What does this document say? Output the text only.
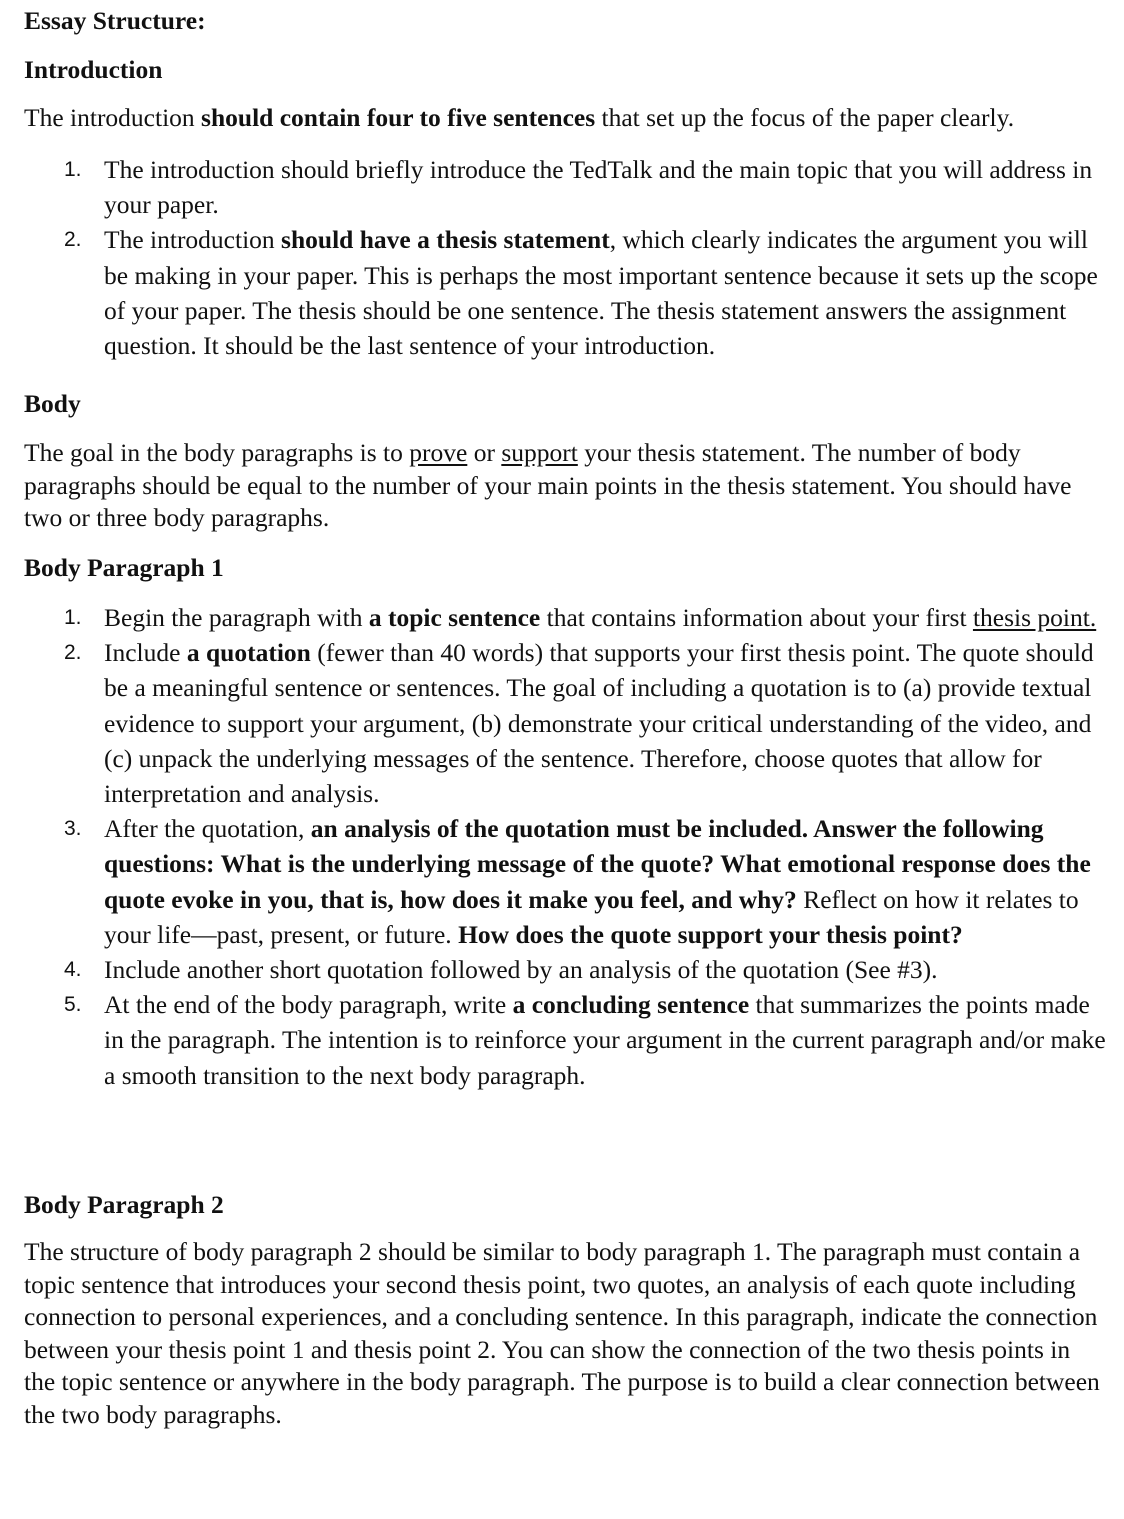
Essay Structure:

Introduction

The introduction should contain four to five sentences that set up the focus of the paper clearly.

1. The introduction should briefly introduce the TedTalk and the main topic that you will address in your paper.
2. The introduction should have a thesis statement, which clearly indicates the argument you will be making in your paper. This is perhaps the most important sentence because it sets up the scope of your paper. The thesis should be one sentence. The thesis statement answers the assignment question. It should be the last sentence of your introduction.

Body

The goal in the body paragraphs is to prove or support your thesis statement. The number of body paragraphs should be equal to the number of your main points in the thesis statement. You should have two or three body paragraphs.

Body Paragraph 1

1. Begin the paragraph with a topic sentence that contains information about your first thesis point.
2. Include a quotation (fewer than 40 words) that supports your first thesis point. The quote should be a meaningful sentence or sentences. The goal of including a quotation is to (a) provide textual evidence to support your argument, (b) demonstrate your critical understanding of the video, and (c) unpack the underlying messages of the sentence. Therefore, choose quotes that allow for interpretation and analysis.
3. After the quotation, an analysis of the quotation must be included. Answer the following questions: What is the underlying message of the quote? What emotional response does the quote evoke in you, that is, how does it make you feel, and why? Reflect on how it relates to your life—past, present, or future. How does the quote support your thesis point?
4. Include another short quotation followed by an analysis of the quotation (See #3).
5. At the end of the body paragraph, write a concluding sentence that summarizes the points made in the paragraph. The intention is to reinforce your argument in the current paragraph and/or make a smooth transition to the next body paragraph.

Body Paragraph 2

The structure of body paragraph 2 should be similar to body paragraph 1. The paragraph must contain a topic sentence that introduces your second thesis point, two quotes, an analysis of each quote including connection to personal experiences, and a concluding sentence. In this paragraph, indicate the connection between your thesis point 1 and thesis point 2. You can show the connection of the two thesis points in the topic sentence or anywhere in the body paragraph. The purpose is to build a clear connection between the two body paragraphs.
